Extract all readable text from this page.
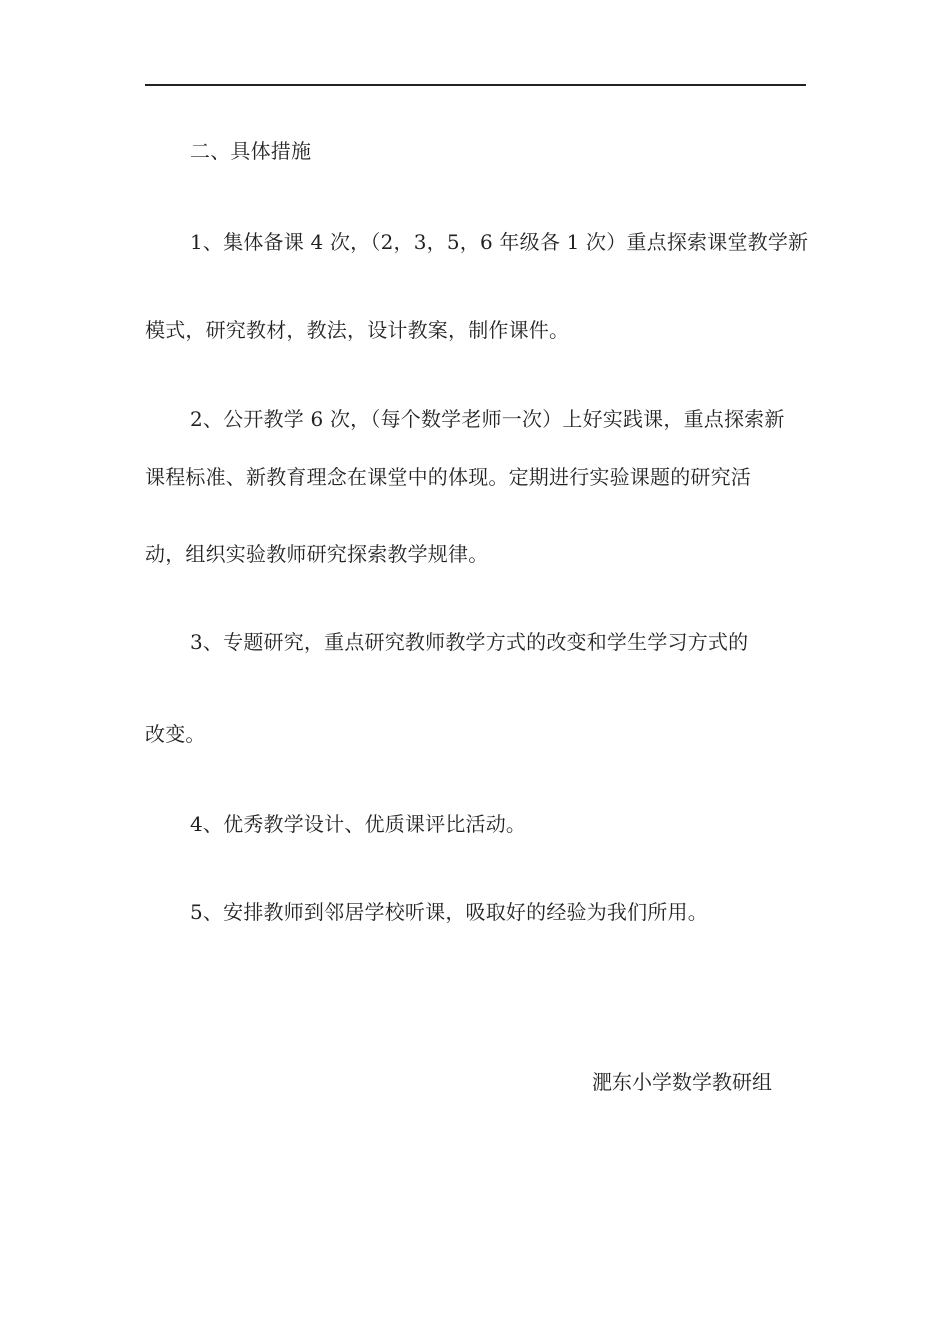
二、具体措施
1、集体备课 4 次，（2，3，5，6 年级各 1 次）重点探索课堂教学新
模式，研究教材，教法，设计教案，制作课件。
2、公开教学 6 次，（每个数学老师一次）上好实践课，重点探索新
课程标准、新教育理念在课堂中的体现。定期进行实验课题的研究活
动，组织实验教师研究探索教学规律。
3、专题研究，重点研究教师教学方式的改变和学生学习方式的
改变。
4、优秀教学设计、优质课评比活动。
5、安排教师到邻居学校听课，吸取好的经验为我们所用。
淝东小学数学教研组
